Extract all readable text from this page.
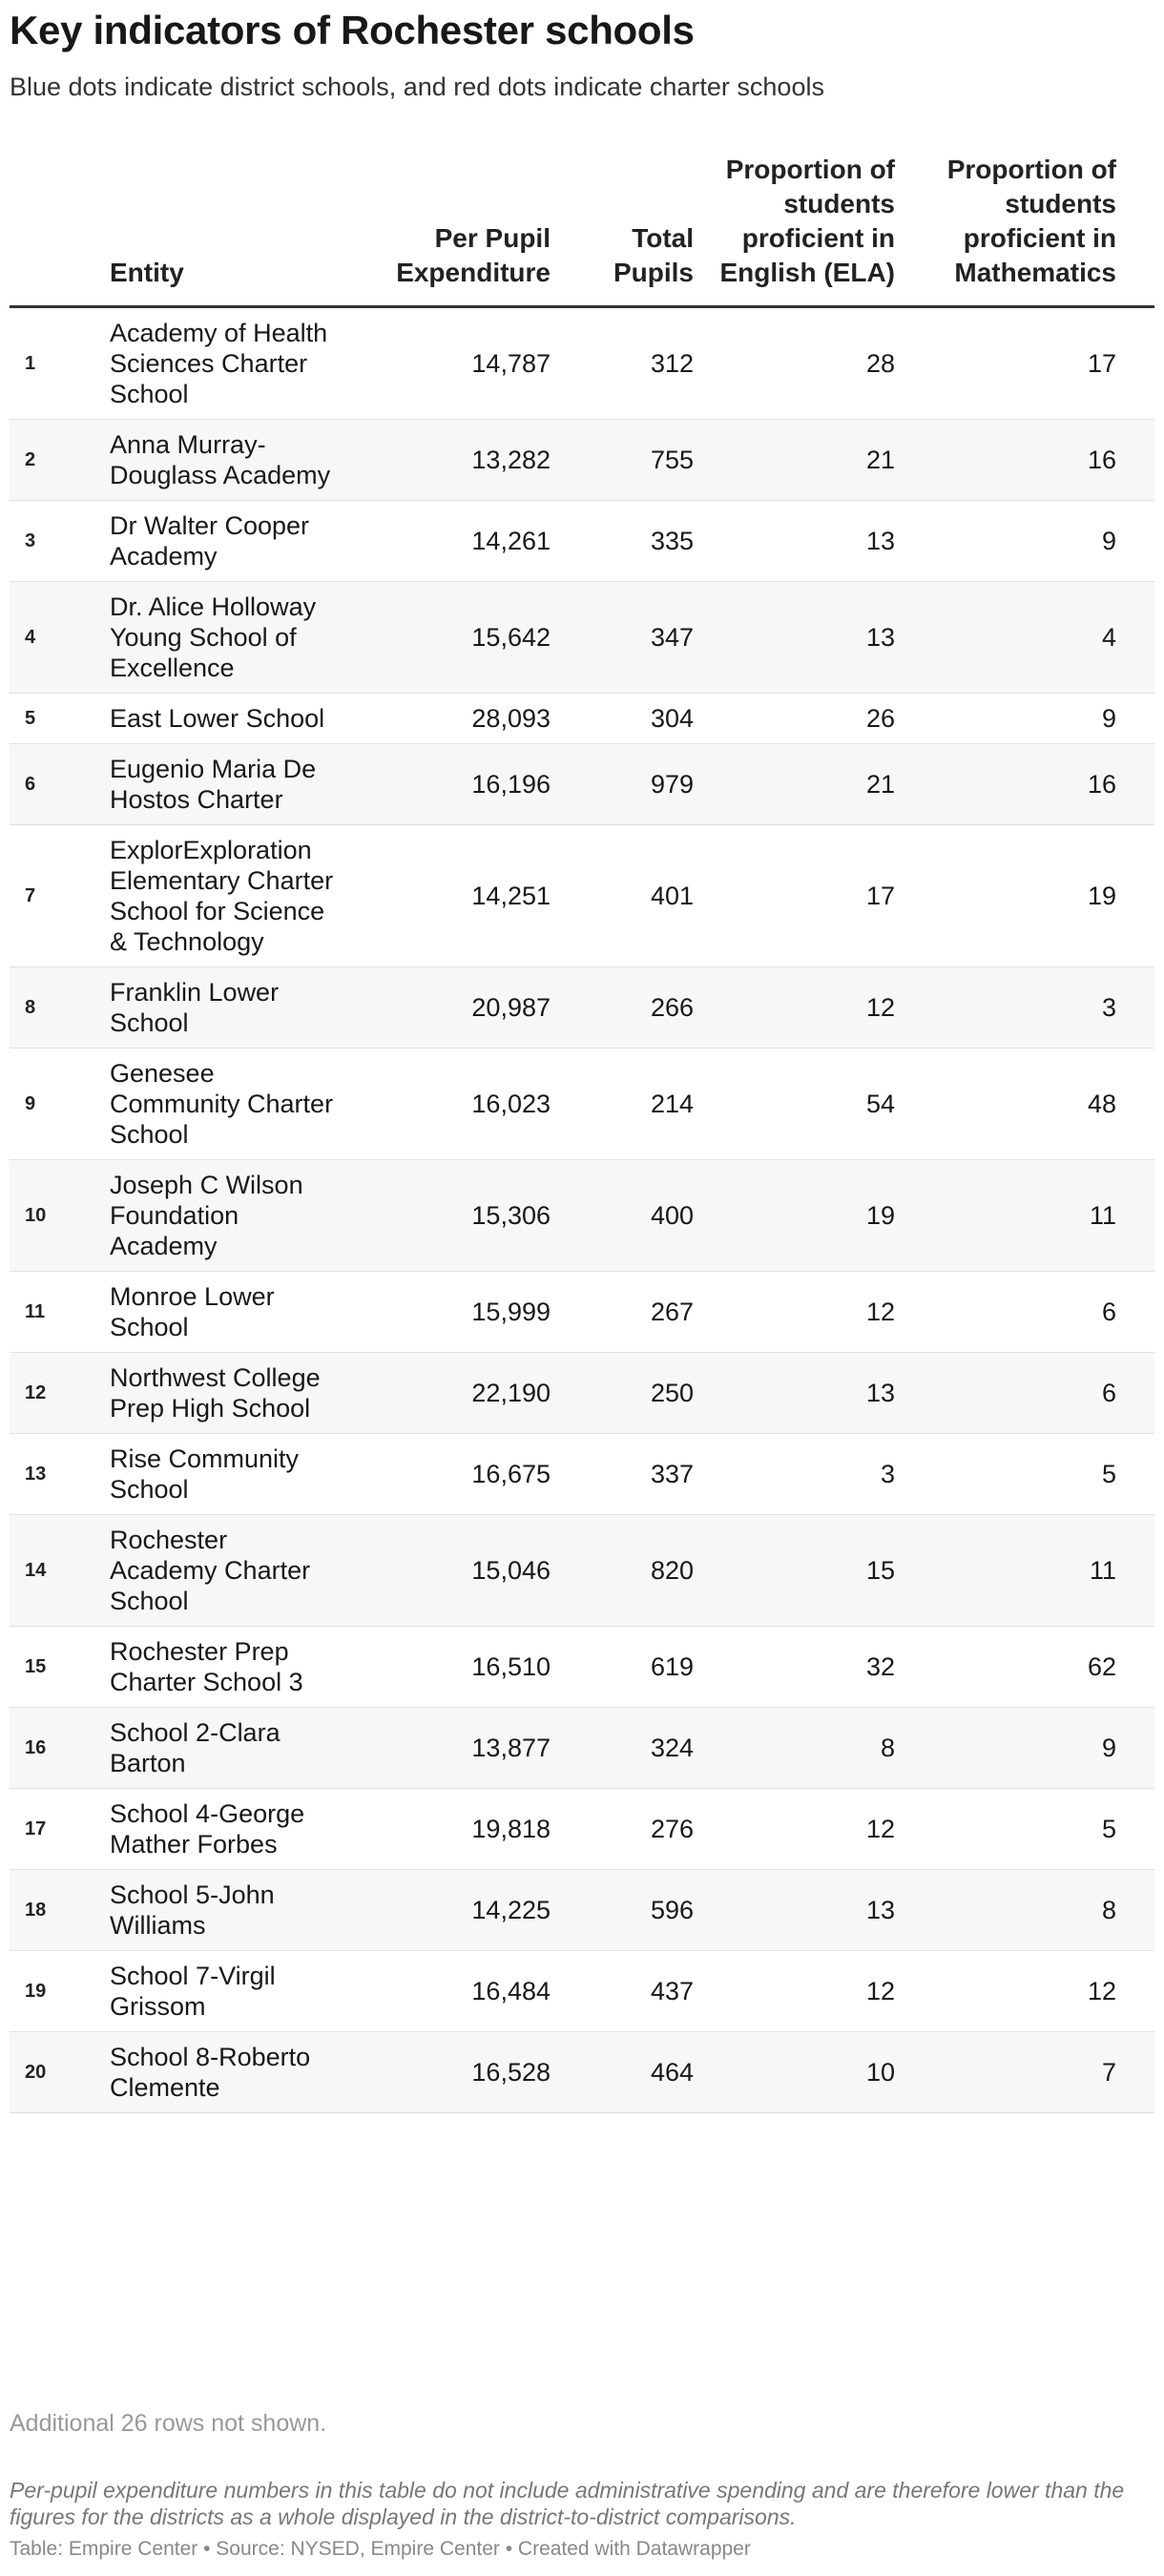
Key indicators of Rochester schools

Blue dots indicate district schools, and red dots indicate charter schools

	Entity	Per Pupil Expenditure	Total Pupils	Proportion of students proficient in English (ELA)	Proportion of students proficient in Mathematics
1	Academy of Health Sciences Charter School	14,787	312	28	17
2	Anna Murray-Douglass Academy	13,282	755	21	16
3	Dr Walter Cooper Academy	14,261	335	13	9
4	Dr. Alice Holloway Young School of Excellence	15,642	347	13	4
5	East Lower School	28,093	304	26	9
6	Eugenio Maria De Hostos Charter	16,196	979	21	16
7	ExplorExploration Elementary Charter School for Science & Technology	14,251	401	17	19
8	Franklin Lower School	20,987	266	12	3
9	Genesee Community Charter School	16,023	214	54	48
10	Joseph C Wilson Foundation Academy	15,306	400	19	11
11	Monroe Lower School	15,999	267	12	6
12	Northwest College Prep High School	22,190	250	13	6
13	Rise Community School	16,675	337	3	5
14	Rochester Academy Charter School	15,046	820	15	11
15	Rochester Prep Charter School 3	16,510	619	32	62
16	School 2-Clara Barton	13,877	324	8	9
17	School 4-George Mather Forbes	19,818	276	12	5
18	School 5-John Williams	14,225	596	13	8
19	School 7-Virgil Grissom	16,484	437	12	12
20	School 8-Roberto Clemente	16,528	464	10	7
Additional 26 rows not shown.
Per-pupil expenditure numbers in this table do not include administrative spending and are therefore lower than the figures for the districts as a whole displayed in the district-to-district comparisons.
Table: Empire Center • Source: NYSED, Empire Center • Created with Datawrapper
